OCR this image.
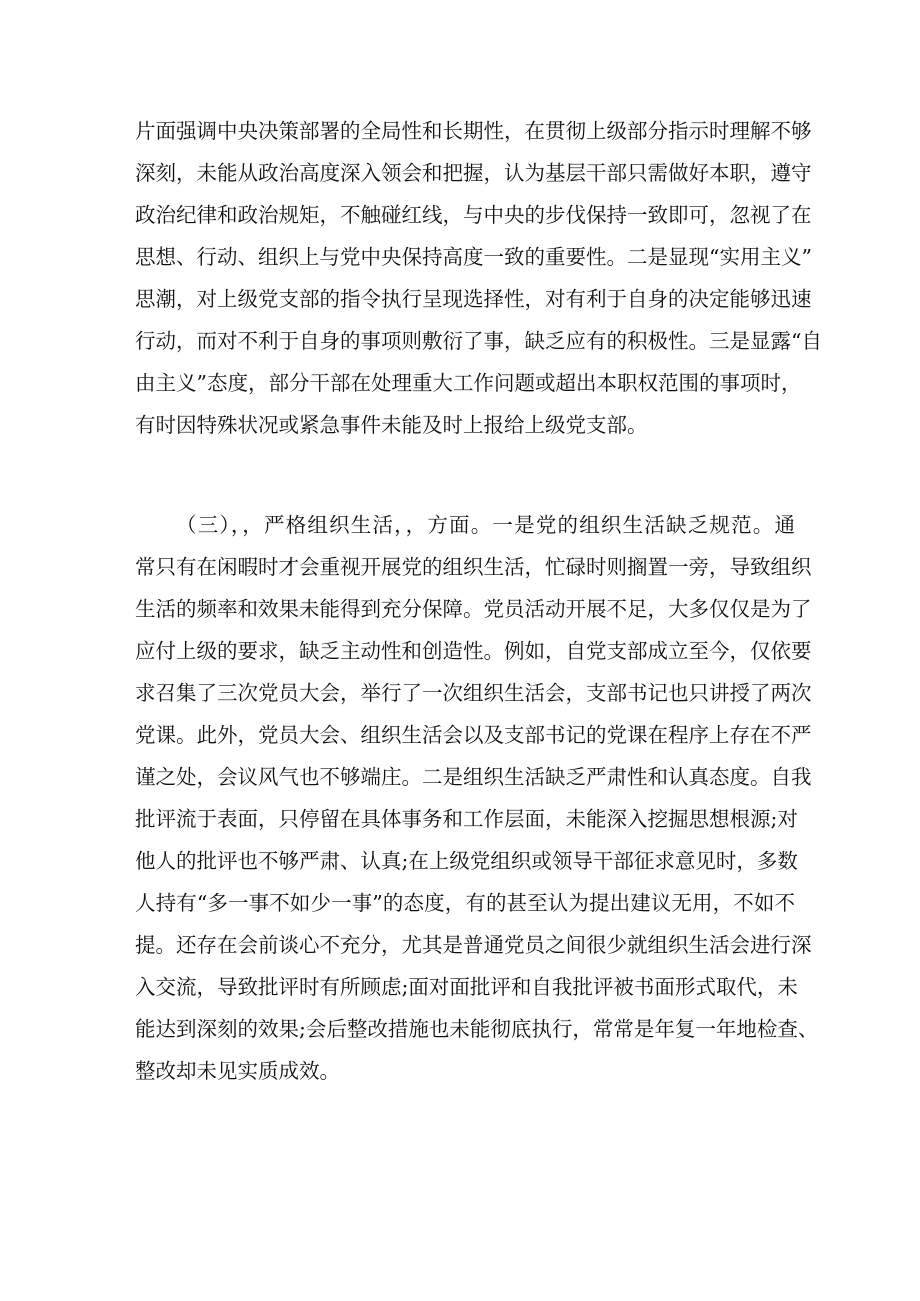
片面强调中央决策部署的全局性和长期性，在贯彻上级部分指示时理解不够
深刻，未能从政治高度深入领会和把握，认为基层干部只需做好本职，遵守
政治纪律和政治规矩，不触碰红线，与中央的步伐保持一致即可，忽视了在
思想、行动、组织上与党中央保持高度一致的重要性。二是显现“实用主义”
思潮，对上级党支部的指令执行呈现选择性，对有利于自身的决定能够迅速
行动，而对不利于自身的事项则敷衍了事，缺乏应有的积极性。三是显露“自
由主义”态度，部分干部在处理重大工作问题或超出本职权范围的事项时，
有时因特殊状况或紧急事件未能及时上报给上级党支部。
（三），，严格组织生活，，方面。一是党的组织生活缺乏规范。通
常只有在闲暇时才会重视开展党的组织生活，忙碌时则搁置一旁，导致组织
生活的频率和效果未能得到充分保障。党员活动开展不足，大多仅仅是为了
应付上级的要求，缺乏主动性和创造性。例如，自党支部成立至今，仅依要
求召集了三次党员大会，举行了一次组织生活会，支部书记也只讲授了两次
党课。此外，党员大会、组织生活会以及支部书记的党课在程序上存在不严
谨之处，会议风气也不够端庄。二是组织生活缺乏严肃性和认真态度。自我
批评流于表面，只停留在具体事务和工作层面，未能深入挖掘思想根源;对
他人的批评也不够严肃、认真;在上级党组织或领导干部征求意见时，多数
人持有“多一事不如少一事”的态度，有的甚至认为提出建议无用，不如不
提。还存在会前谈心不充分，尤其是普通党员之间很少就组织生活会进行深
入交流，导致批评时有所顾虑;面对面批评和自我批评被书面形式取代，未
能达到深刻的效果;会后整改措施也未能彻底执行，常常是年复一年地检查、
整改却未见实质成效。
